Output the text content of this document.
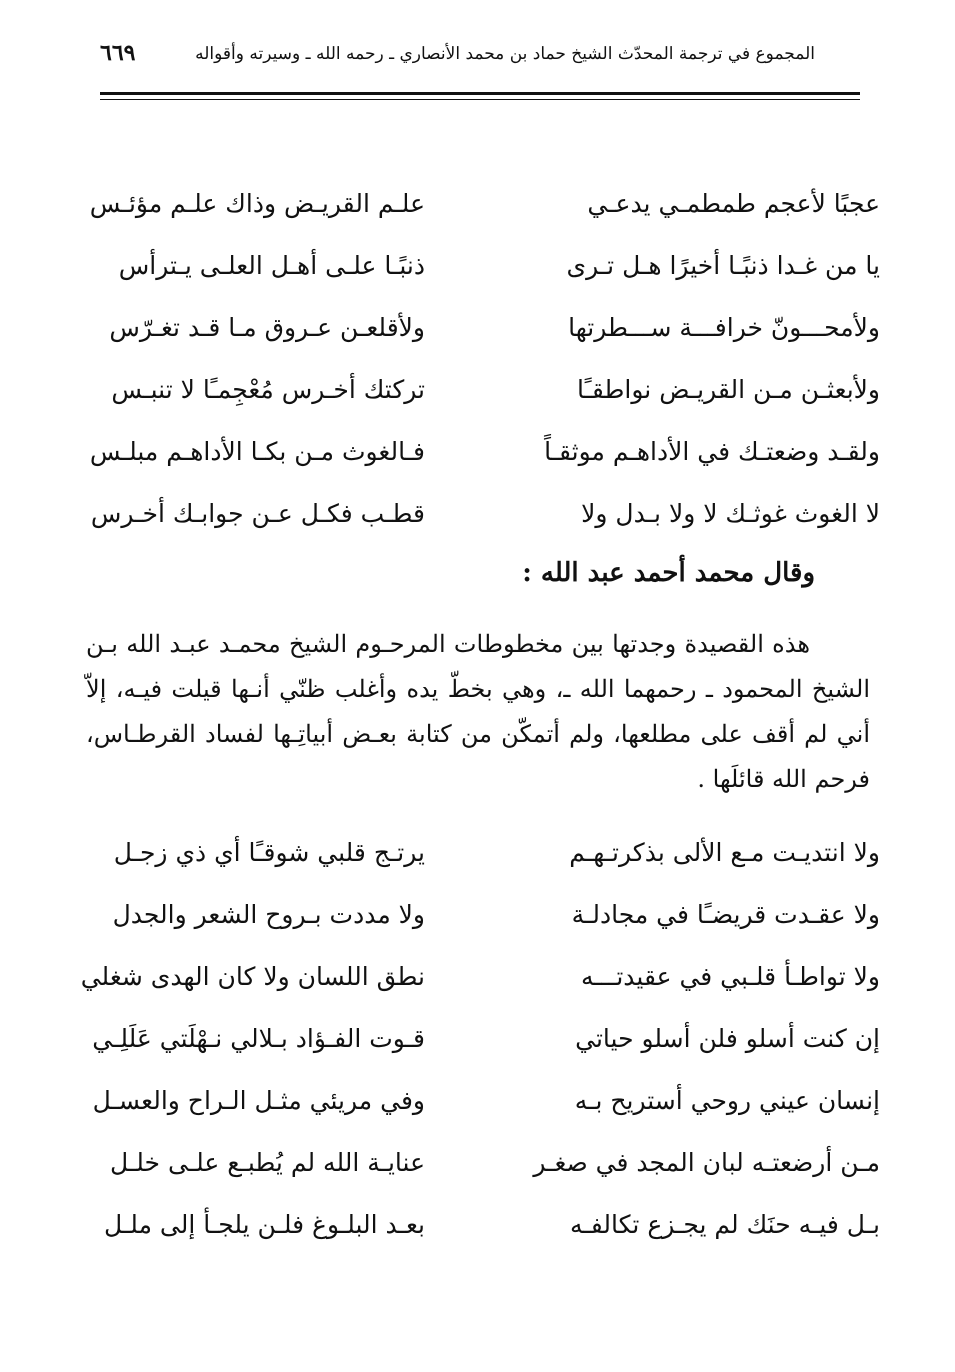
المجموع في ترجمة المحدّث الشيخ حماد بن محمد الأنصاري ـ رحمه الله ـ وسيرته وأقواله
٦٦٩
عجبًا لأعجم طمطمـي يدعـي
علـم القريـض وذاك علـم مؤئـس
يا من غـدا ذنبًـا أخيرًا هـل تـرى
ذنبًـا علـى أهـل العلـى يـترأس
ولأمحـــونّ خرافـــة ســـطرتها
ولأقلعـن عـروق مـا قـد تغـرّس
ولأبعثـن مـن القريـض نواطقـًا
تركتك أخـرس مُعْجِمـًا لا تنبـس
ولقـد وضعتـك في الأداهـم موثقـاً
فـالغوث مـن بكـا الأداهـم مبلـس
لا الغوث غوثـك لا ولا بـدل ولا
قطـب فكـل عـن جوابـك أخـرس
وقال محمد أحمد عبد الله :
هذه القصيدة وجدتها بين مخطوطات المرحـوم الشيخ محمـد عبـد الله بـن
الشيخ المحمود ـ رحمهما الله ـ، وهي بخطّ يده وأغلب ظنّي أنـها قيلت فيـه، إلاّ
أني لم أقف على مطلعها، ولم أتمكّن من كتابة بعـض أبياتِـها لفساد القرطـاس،
فرحم الله قائلَها .
ولا انتديـت مـع الألى بذكرتـهـم
يرتـج قلبي شوقـًا أي ذي زجـل
ولا عقـدت قريضـًا في مجادلـة
ولا مددت بـروح الشعر والجدل
ولا تواطـأ قلـبي في عقيدتـــه
نطق اللسان ولا كان الهدى شغلي
إن كنت أسلو فلن أسلو حياتي
قـوت الفـؤاد بـلالي نـهْلَتي عَلَلِـي
إنسان عيني روحي أستريح بـه
وفي مريئي مثـل الـراح والعسـل
مـن أرضعتـه لبان المجد في صغـر
عنايـة الله لم يُطبـع علـى خلـل
بـل فيـه حنَك لم يجـزع تكالفـه
بعـد البلـوغ فلـن يلجـأ إلى ملـل
